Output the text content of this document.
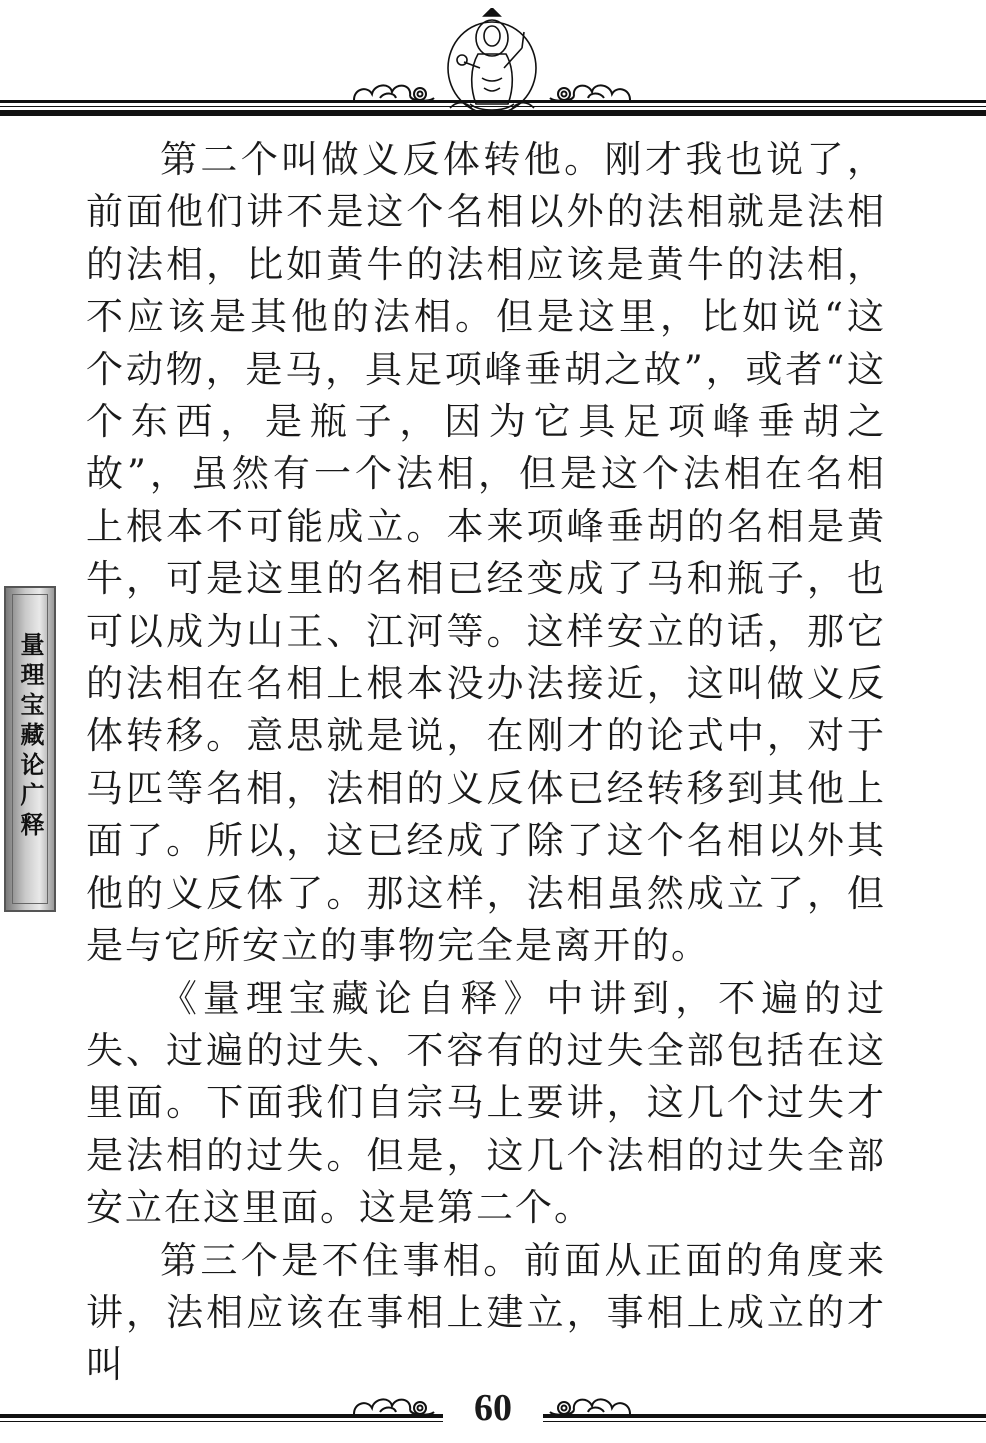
量理宝藏论广释

第二个叫做义反体转他。刚才我也说了，前面他们讲不是这个名相以外的法相就是法相的法相，比如黄牛的法相应该是黄牛的法相，不应该是其他的法相。但是这里，比如说“这个动物，是马，具足项峰垂胡之故”，或者“这个东西，是瓶子，因为它具足项峰垂胡之故”，虽然有一个法相，但是这个法相在名相上根本不可能成立。本来项峰垂胡的名相是黄牛，可是这里的名相已经变成了马和瓶子，也可以成为山王、江河等。这样安立的话，那它的法相在名相上根本没办法接近，这叫做义反体转移。意思就是说，在刚才的论式中，对于马匹等名相，法相的义反体已经转移到其他上面了。所以，这已经成了除了这个名相以外其他的义反体了。那这样，法相虽然成立了，但是与它所安立的事物完全是离开的。

《量理宝藏论自释》中讲到，不遍的过失、过遍的过失、不容有的过失全部包括在这里面。下面我们自宗马上要讲，这几个过失才是法相的过失。但是，这几个法相的过失全部安立在这里面。这是第二个。

第三个是不住事相。前面从正面的角度来讲，法相应该在事相上建立，事相上成立的才叫

60
